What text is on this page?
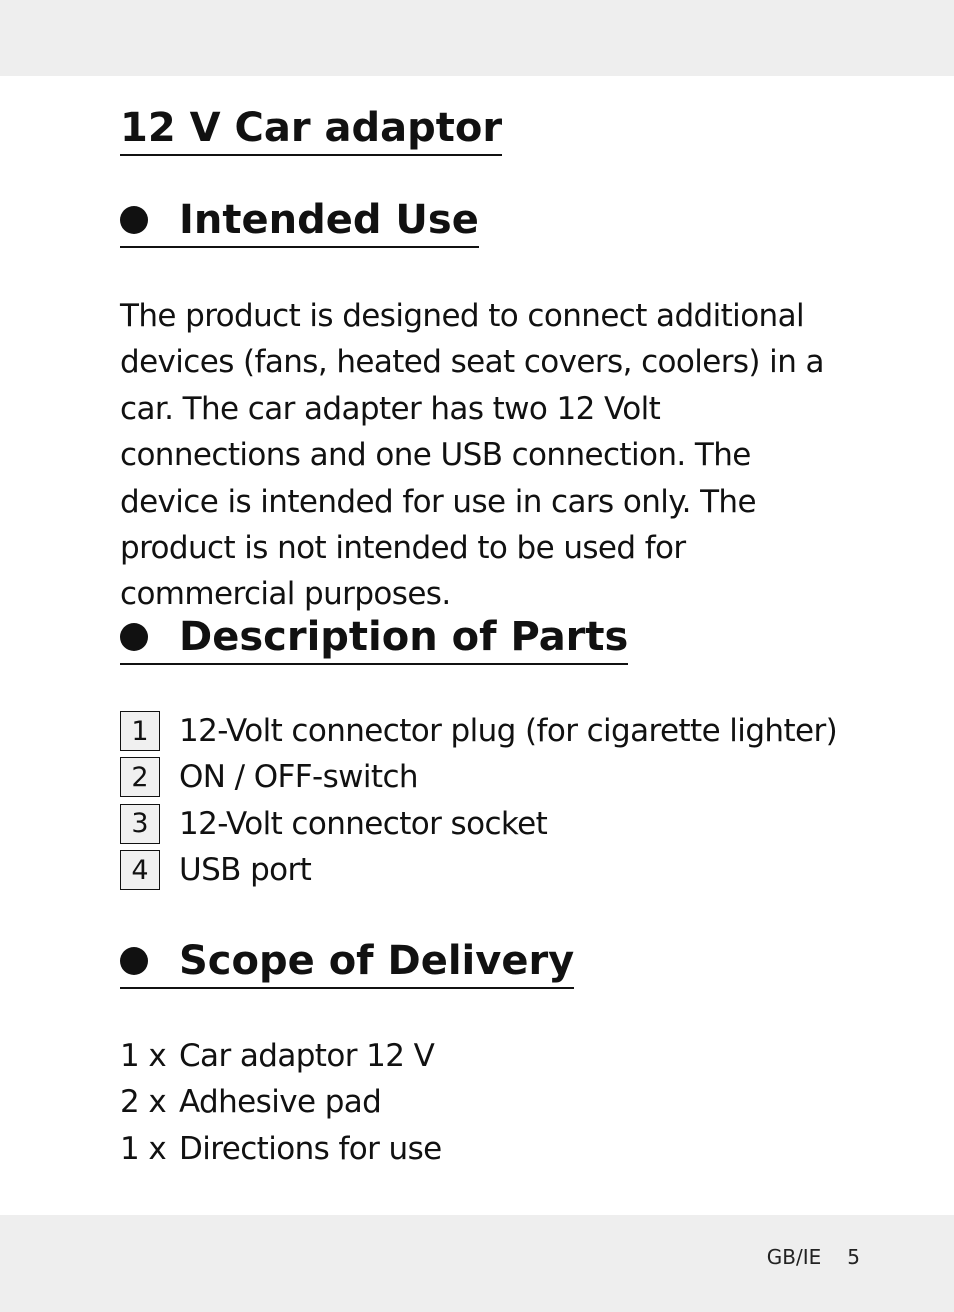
12 V Car adaptor
Intended Use

The product is designed to connect additional devices (fans, heated seat covers, coolers) in a car. The car adapter has two 12 Volt connections and one USB connection. The device is intended for use in cars only. The product is not intended to be used for commercial purposes.

Description of Parts
1 12-Volt connector plug (for cigarette lighter)
2 ON / OFF-switch
3 12-Volt connector socket
4 USB port
Scope of Delivery
1 x Car adaptor 12 V
2 x Adhesive pad
1 x Directions for use
GB/IE 5
